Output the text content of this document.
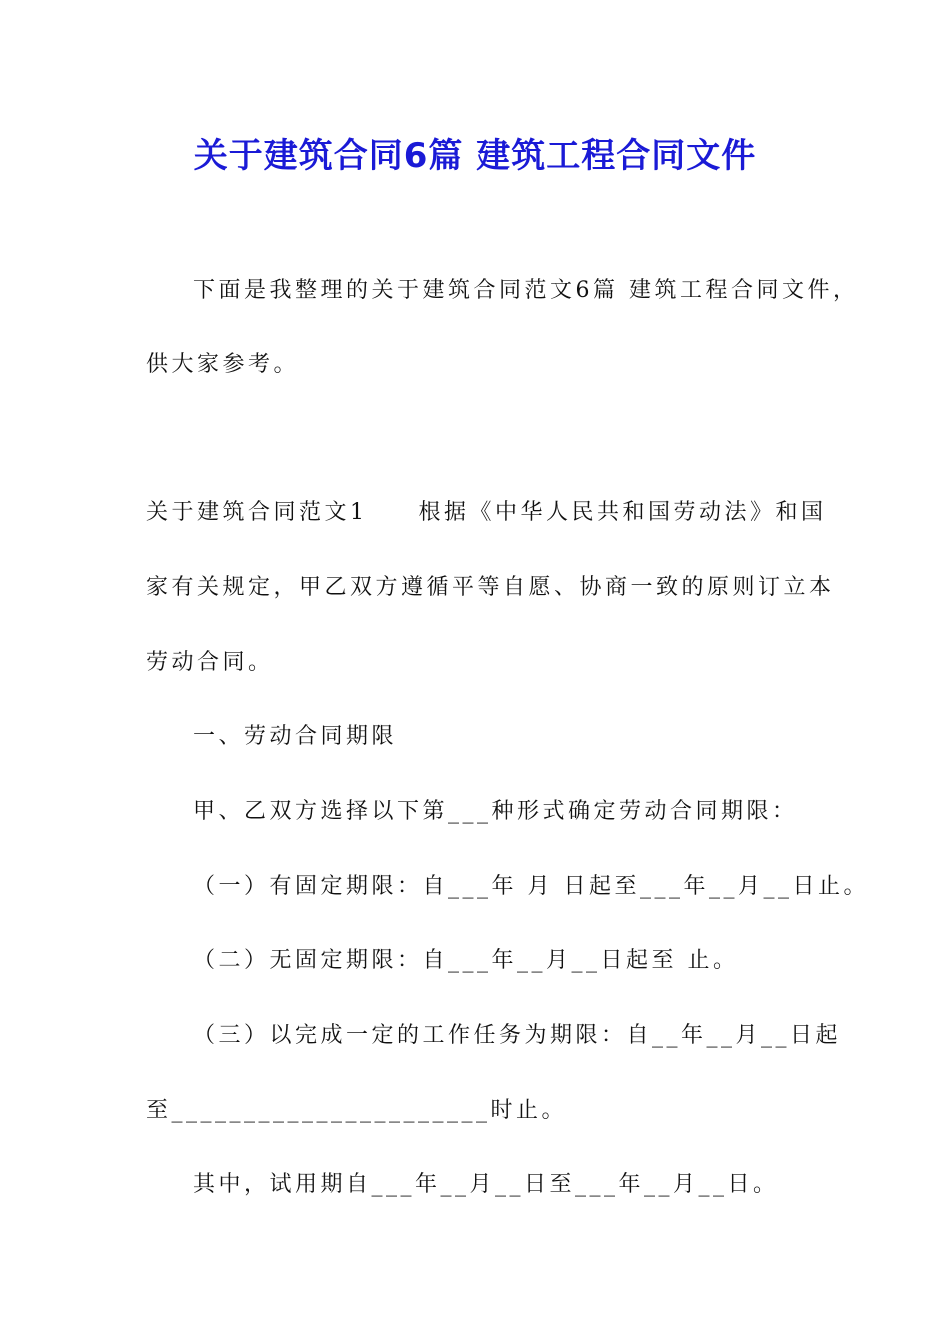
关于建筑合同6篇 建筑工程合同文件
下面是我整理的关于建筑合同范文6篇 建筑工程合同文件，
供大家参考。
关于建筑合同范文1　　根据《中华人民共和国劳动法》和国
家有关规定，甲乙双方遵循平等自愿、协商一致的原则订立本
劳动合同。
一、劳动合同期限
甲、乙双方选择以下第___种形式确定劳动合同期限：
（一）有固定期限：自___年 月 日起至___年__月__日止。
（二）无固定期限：自___年__月__日起至 止。
（三）以完成一定的工作任务为期限：自__年__月__日起
至______________________时止。
其中，试用期自___年__月__日至___年__月__日。
